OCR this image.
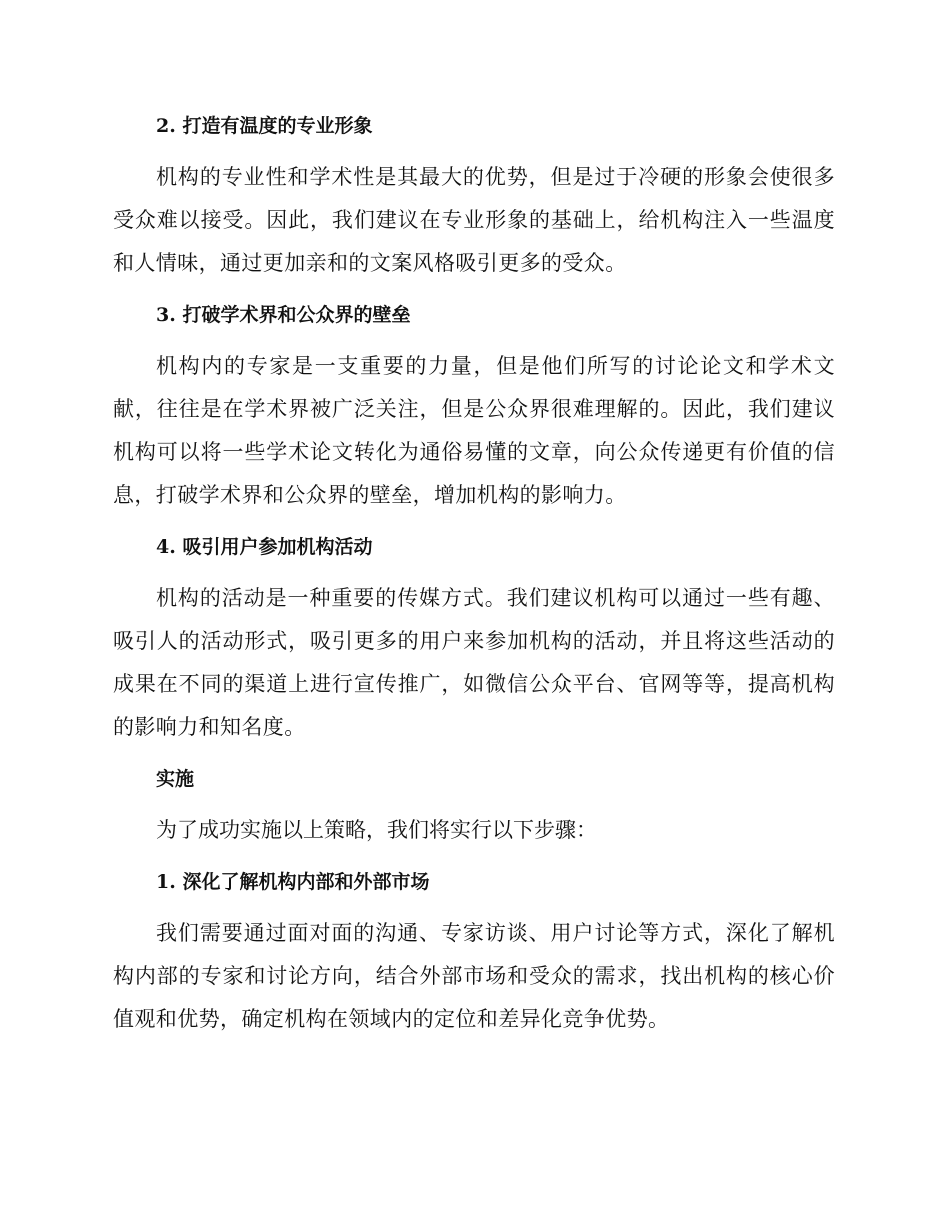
2. 打造有温度的专业形象

机构的专业性和学术性是其最大的优势，但是过于冷硬的形象会使很多受众难以接受。因此，我们建议在专业形象的基础上，给机构注入一些温度和人情味，通过更加亲和的文案风格吸引更多的受众。

3. 打破学术界和公众界的壁垒

机构内的专家是一支重要的力量，但是他们所写的讨论论文和学术文献，往往是在学术界被广泛关注，但是公众界很难理解的。因此，我们建议机构可以将一些学术论文转化为通俗易懂的文章，向公众传递更有价值的信息，打破学术界和公众界的壁垒，增加机构的影响力。

4. 吸引用户参加机构活动

机构的活动是一种重要的传媒方式。我们建议机构可以通过一些有趣、吸引人的活动形式，吸引更多的用户来参加机构的活动，并且将这些活动的成果在不同的渠道上进行宣传推广，如微信公众平台、官网等等，提高机构的影响力和知名度。

实施

为了成功实施以上策略，我们将实行以下步骤：

1. 深化了解机构内部和外部市场

我们需要通过面对面的沟通、专家访谈、用户讨论等方式，深化了解机构内部的专家和讨论方向，结合外部市场和受众的需求，找出机构的核心价值观和优势，确定机构在领域内的定位和差异化竞争优势。
